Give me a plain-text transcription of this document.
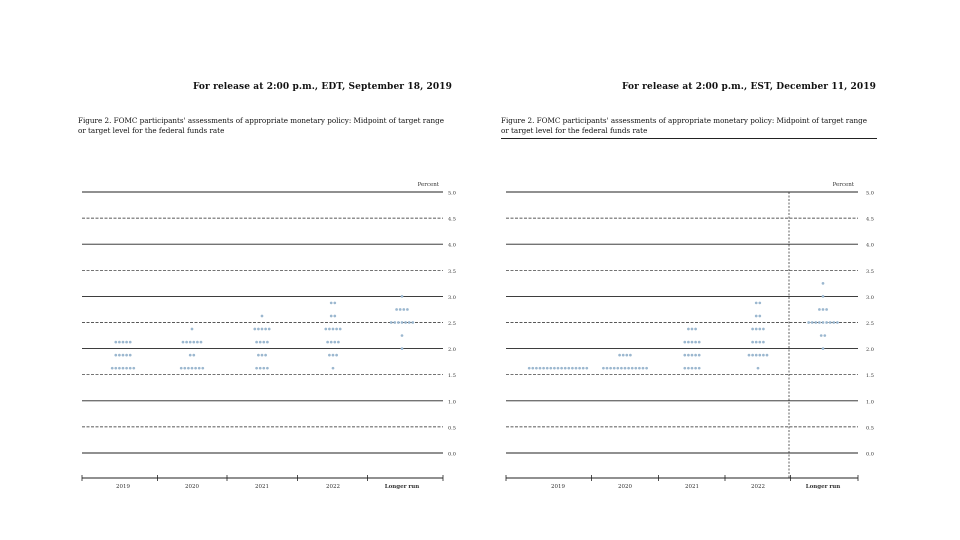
For release at 2:00 p.m., EDT, September 18, 2019
Figure 2. FOMC participants' assessments of appropriate monetary policy: Midpoint of target range
or target level for the federal funds rate
0.0
0.5
1.0
1.5
2.0
2.5
3.0
3.5
4.0
4.5
5.0
Percent
2019	2020	2021	2022	Longer run
For release at 2:00 p.m., EST, December 11, 2019
Figure 2. FOMC participants' assessments of appropriate monetary policy: Midpoint of target range
or target level for the federal funds rate
0.0
0.5
1.0
1.5
2.0
2.5
3.0
3.5
4.0
4.5
5.0
Percent
2019	2020	2021	2022	Longer run
